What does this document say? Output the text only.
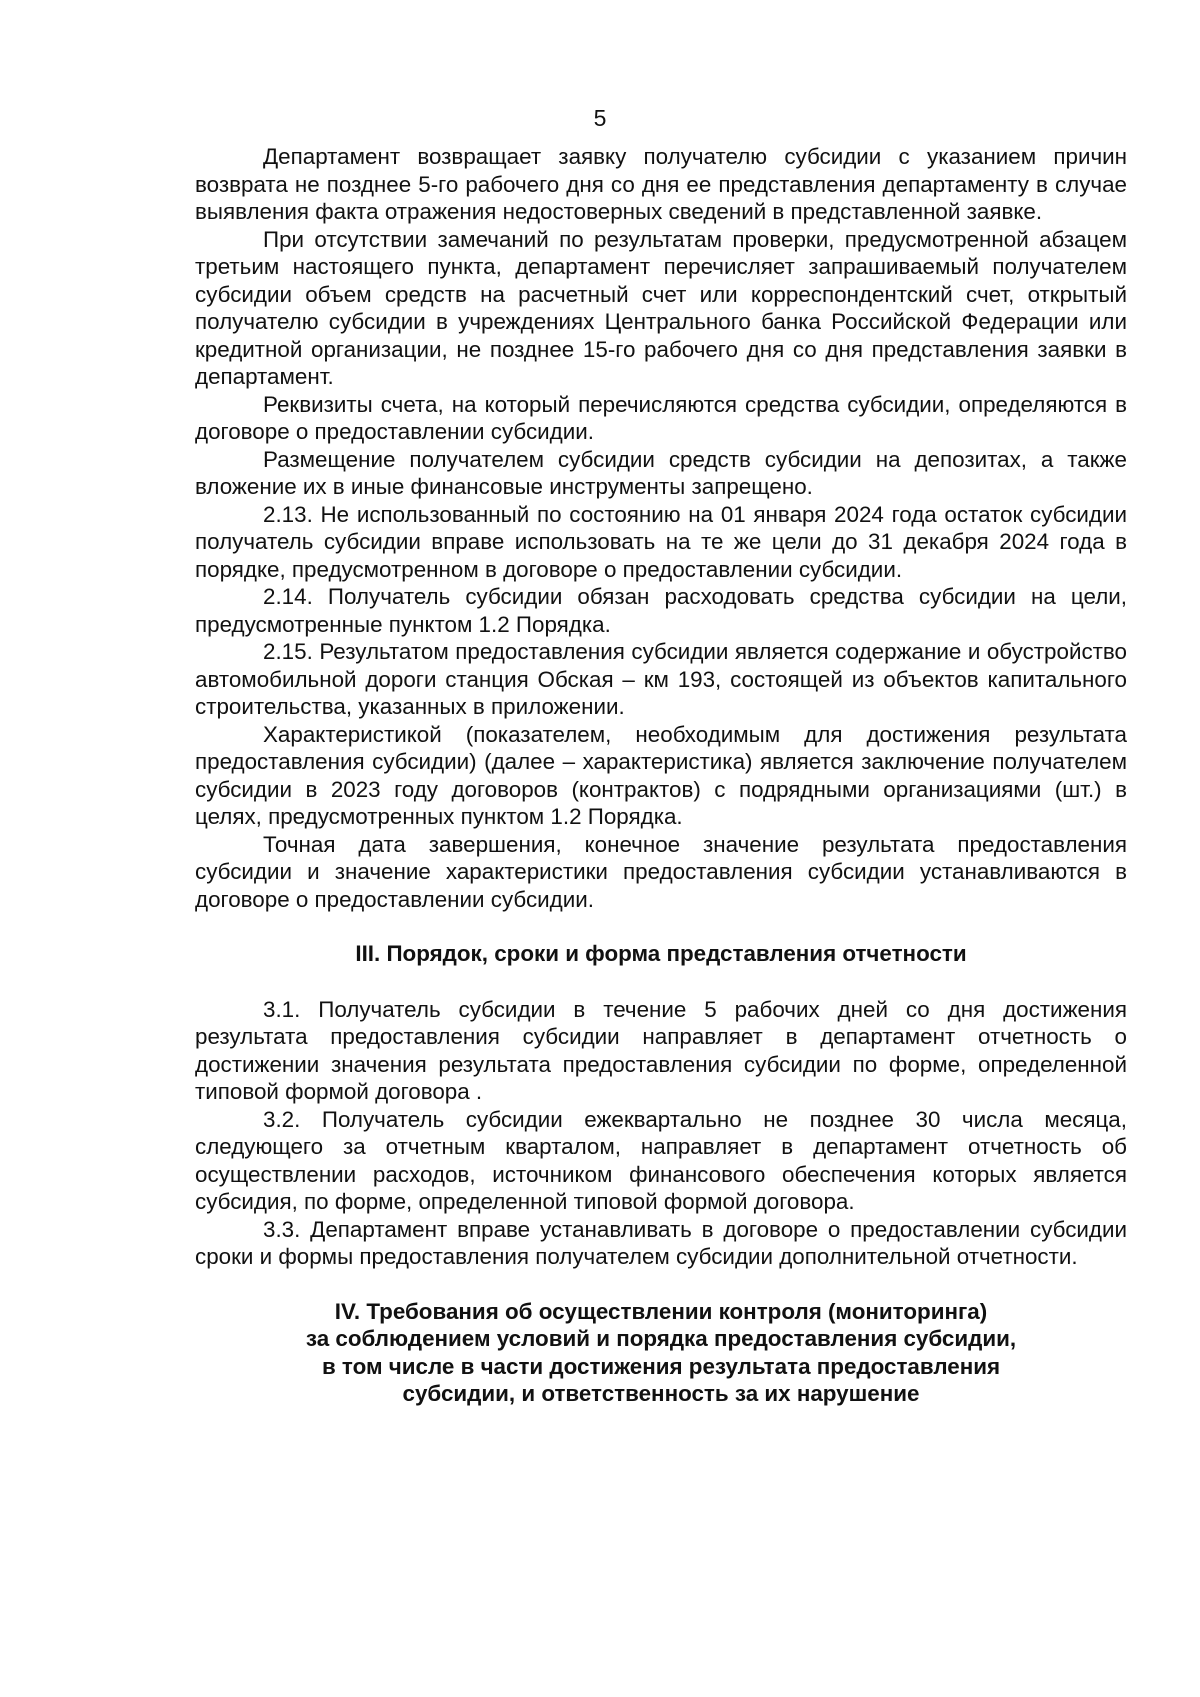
5

Департамент возвращает заявку получателю субсидии с указанием причин возврата не позднее 5-го рабочего дня со дня ее представления департаменту в случае выявления факта отражения недостоверных сведений в представленной заявке.

При отсутствии замечаний по результатам проверки, предусмотренной абзацем третьим настоящего пункта, департамент перечисляет запрашиваемый получателем субсидии объем средств на расчетный счет или корреспондентский счет, открытый получателю субсидии в учреждениях Центрального банка Российской Федерации или кредитной организации, не позднее 15-го рабочего дня со дня представления заявки в департамент.

Реквизиты счета, на который перечисляются средства субсидии, определяются в договоре о предоставлении субсидии.

Размещение получателем субсидии средств субсидии на депозитах, а также вложение их в иные финансовые инструменты запрещено.

2.13. Не использованный по состоянию на 01 января 2024 года остаток субсидии получатель субсидии вправе использовать на те же цели до 31 декабря 2024 года в порядке, предусмотренном в договоре о предоставлении субсидии.

2.14. Получатель субсидии обязан расходовать средства субсидии на цели, предусмотренные пунктом 1.2 Порядка.

2.15. Результатом предоставления субсидии является содержание и обустройство автомобильной дороги станция Обская – км 193, состоящей из объектов капитального строительства, указанных в приложении.

Характеристикой (показателем, необходимым для достижения результата предоставления субсидии) (далее – характеристика) является заключение получателем субсидии в 2023 году договоров (контрактов) с подрядными организациями (шт.) в целях, предусмотренных пунктом 1.2 Порядка.

Точная дата завершения, конечное значение результата предоставления субсидии и значение характеристики предоставления субсидии устанавливаются в договоре о предоставлении субсидии.

III. Порядок, сроки и форма представления отчетности

3.1. Получатель субсидии в течение 5 рабочих дней со дня достижения результата предоставления субсидии направляет в департамент отчетность о достижении значения результата предоставления субсидии по форме, определенной типовой формой договора .

3.2. Получатель субсидии ежеквартально не позднее 30 числа месяца, следующего за отчетным кварталом, направляет в департамент отчетность об осуществлении расходов, источником финансового обеспечения которых является субсидия, по форме, определенной типовой формой договора.

3.3. Департамент вправе устанавливать в договоре о предоставлении субсидии сроки и формы предоставления получателем субсидии дополнительной отчетности.

IV. Требования об осуществлении контроля (мониторинга)
за соблюдением условий и порядка предоставления субсидии,
в том числе в части достижения результата предоставления
субсидии, и ответственность за их нарушение
